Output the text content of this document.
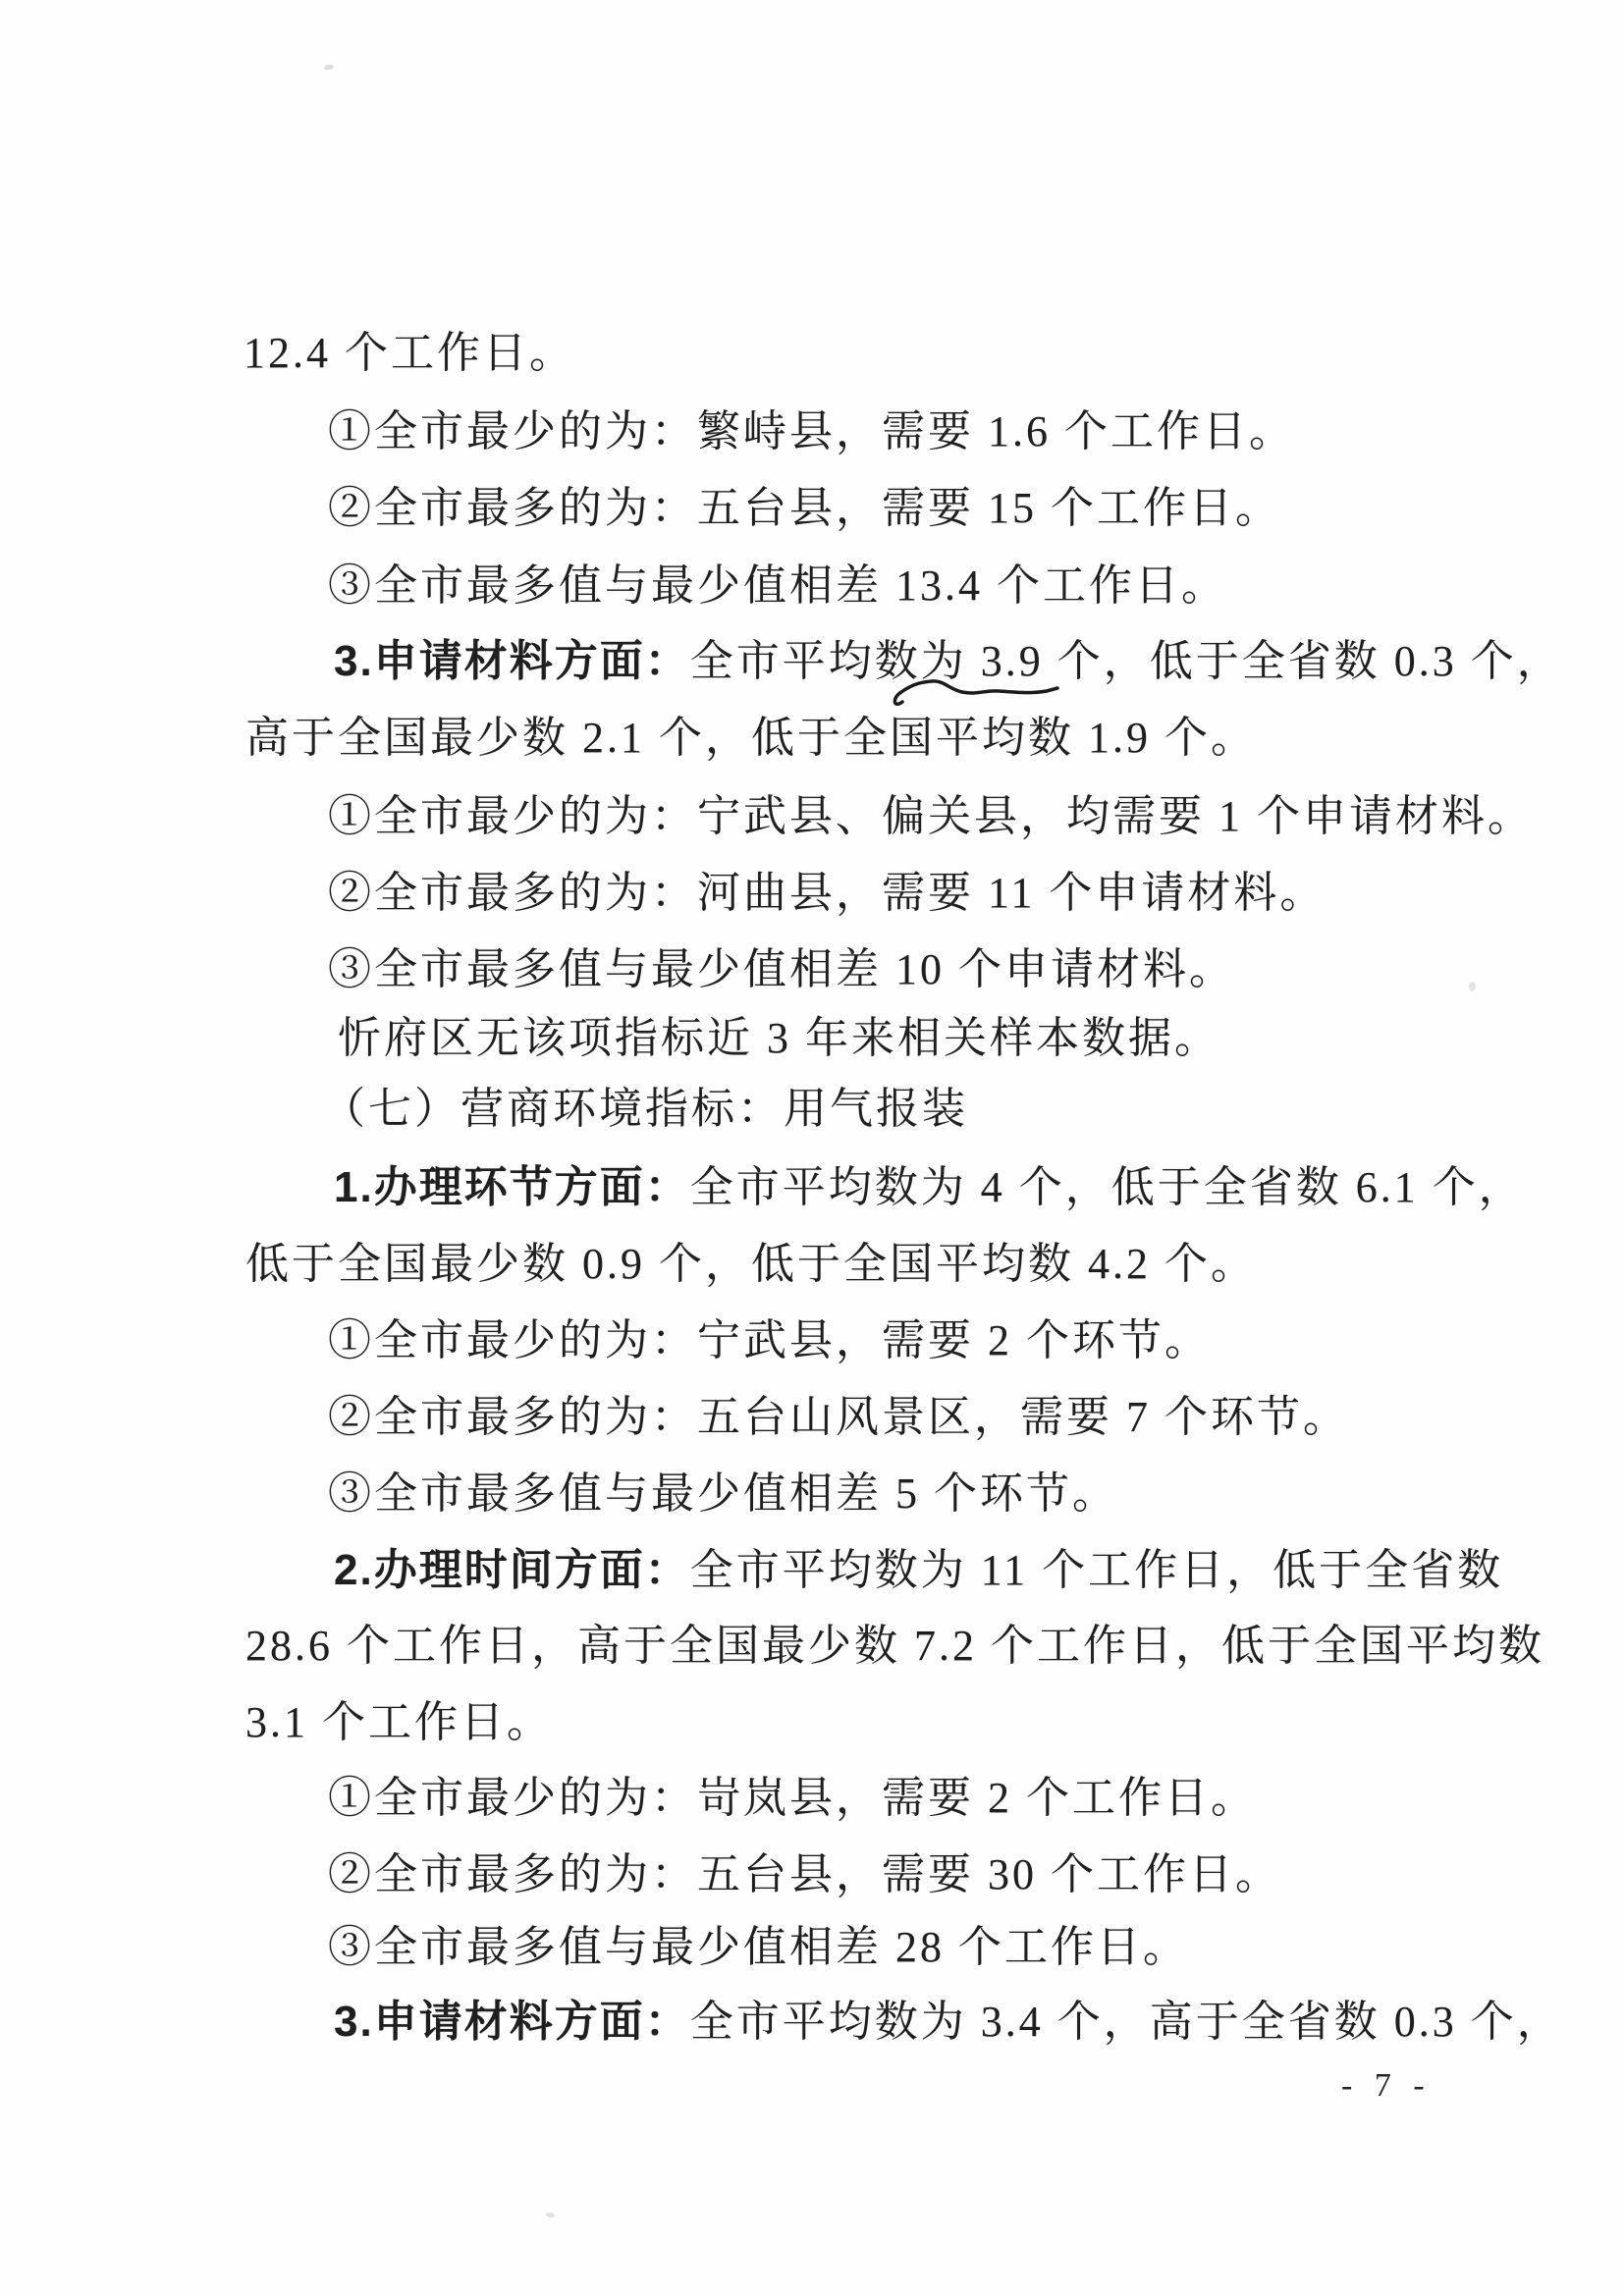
12.4 个工作日。
①全市最少的为：繁峙县，需要 1.6 个工作日。
②全市最多的为：五台县，需要 15 个工作日。
③全市最多值与最少值相差 13.4 个工作日。
3.申请材料方面：全市平均数为 3.9 个，低于全省数 0.3 个，
高于全国最少数 2.1 个，低于全国平均数 1.9 个。
①全市最少的为：宁武县、偏关县，均需要 1 个申请材料。
②全市最多的为：河曲县，需要 11 个申请材料。
③全市最多值与最少值相差 10 个申请材料。
忻府区无该项指标近 3 年来相关样本数据。
（七）营商环境指标：用气报装
1.办理环节方面：全市平均数为 4 个，低于全省数 6.1 个，
低于全国最少数 0.9 个，低于全国平均数 4.2 个。
①全市最少的为：宁武县，需要 2 个环节。
②全市最多的为：五台山风景区，需要 7 个环节。
③全市最多值与最少值相差 5 个环节。
2.办理时间方面：全市平均数为 11 个工作日，低于全省数
28.6 个工作日，高于全国最少数 7.2 个工作日，低于全国平均数
3.1 个工作日。
①全市最少的为：岢岚县，需要 2 个工作日。
②全市最多的为：五台县，需要 30 个工作日。
③全市最多值与最少值相差 28 个工作日。
3.申请材料方面：全市平均数为 3.4 个，高于全省数 0.3 个，
- 7 -
